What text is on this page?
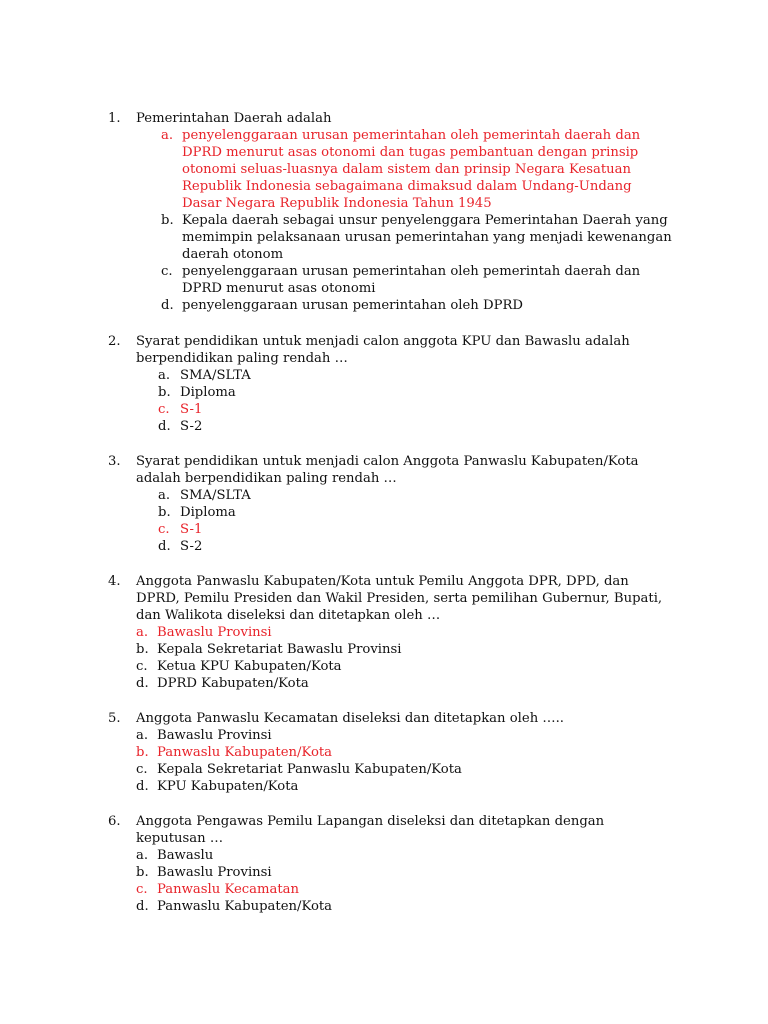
1.	Pemerintahan Daerah adalah
a. penyelenggaraan urusan pemerintahan oleh pemerintah daerah dan DPRD menurut asas otonomi dan tugas pembantuan dengan prinsip otonomi seluas-luasnya dalam sistem dan prinsip Negara Kesatuan Republik Indonesia sebagaimana dimaksud dalam Undang-Undang Dasar Negara Republik Indonesia Tahun 1945
b. Kepala daerah sebagai unsur penyelenggara Pemerintahan Daerah yang memimpin pelaksanaan urusan pemerintahan yang menjadi kewenangan daerah otonom
c. penyelenggaraan urusan pemerintahan oleh pemerintah daerah dan DPRD menurut asas otonomi
d. penyelenggaraan urusan pemerintahan oleh DPRD
2.	Syarat pendidikan untuk menjadi calon anggota KPU dan Bawaslu adalah berpendidikan paling rendah …
a. SMA/SLTA
b. Diploma
c. S-1
d. S-2
3.	Syarat pendidikan untuk menjadi calon Anggota Panwaslu Kabupaten/Kota adalah berpendidikan paling rendah …
a. SMA/SLTA
b. Diploma
c. S-1
d. S-2
4.	Anggota Panwaslu Kabupaten/Kota untuk Pemilu Anggota DPR, DPD, dan DPRD, Pemilu Presiden dan Wakil Presiden, serta pemilihan Gubernur, Bupati, dan Walikota diseleksi dan ditetapkan oleh …
a. Bawaslu Provinsi
b. Kepala Sekretariat Bawaslu Provinsi
c. Ketua KPU Kabupaten/Kota
d. DPRD Kabupaten/Kota
5.	Anggota Panwaslu Kecamatan diseleksi dan ditetapkan oleh …..
a. Bawaslu Provinsi
b. Panwaslu Kabupaten/Kota
c. Kepala Sekretariat Panwaslu Kabupaten/Kota
d. KPU Kabupaten/Kota
6.	Anggota Pengawas Pemilu Lapangan diseleksi dan ditetapkan dengan keputusan …
a. Bawaslu
b. Bawaslu Provinsi
c. Panwaslu Kecamatan
d. Panwaslu Kabupaten/Kota
